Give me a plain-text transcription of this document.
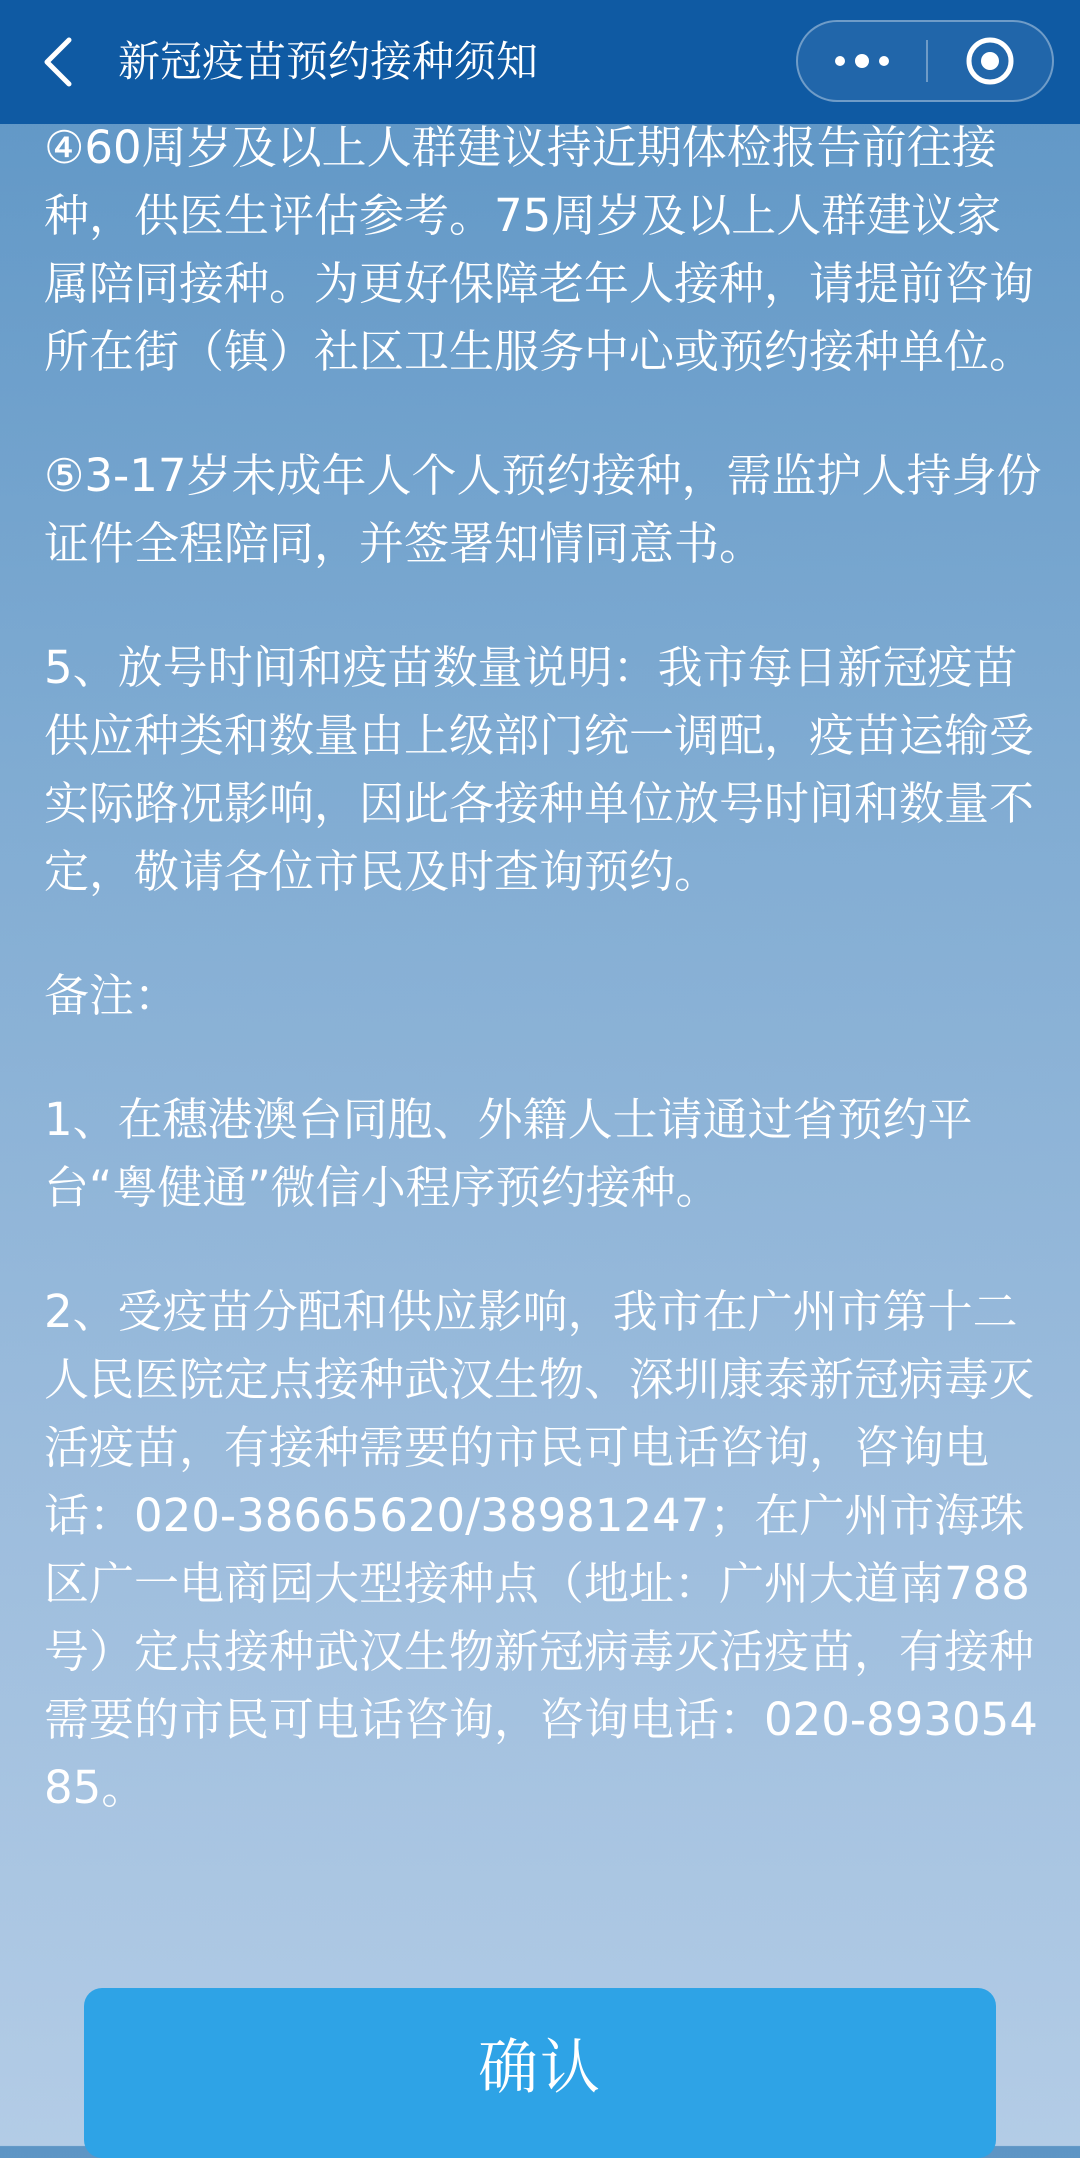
新冠疫苗预约接种须知

④60周岁及以上人群建议持近期体检报告前往接种，供医生评估参考。75周岁及以上人群建议家属陪同接种。为更好保障老年人接种，请提前咨询所在街（镇）社区卫生服务中心或预约接种单位。

⑤3-17岁未成年人个人预约接种，需监护人持身份证件全程陪同，并签署知情同意书。

5、放号时间和疫苗数量说明：我市每日新冠疫苗供应种类和数量由上级部门统一调配，疫苗运输受实际路况影响，因此各接种单位放号时间和数量不定，敬请各位市民及时查询预约。

备注：

1、在穗港澳台同胞、外籍人士请通过省预约平台“粤健通”微信小程序预约接种。

2、受疫苗分配和供应影响，我市在广州市第十二人民医院定点接种武汉生物、深圳康泰新冠病毒灭活疫苗，有接种需要的市民可电话咨询，咨询电话：020-38665620/38981247；在广州市海珠区广一电商园大型接种点（地址：广州大道南788号）定点接种武汉生物新冠病毒灭活疫苗，有接种需要的市民可电话咨询，咨询电话：020-89305485。

确认
